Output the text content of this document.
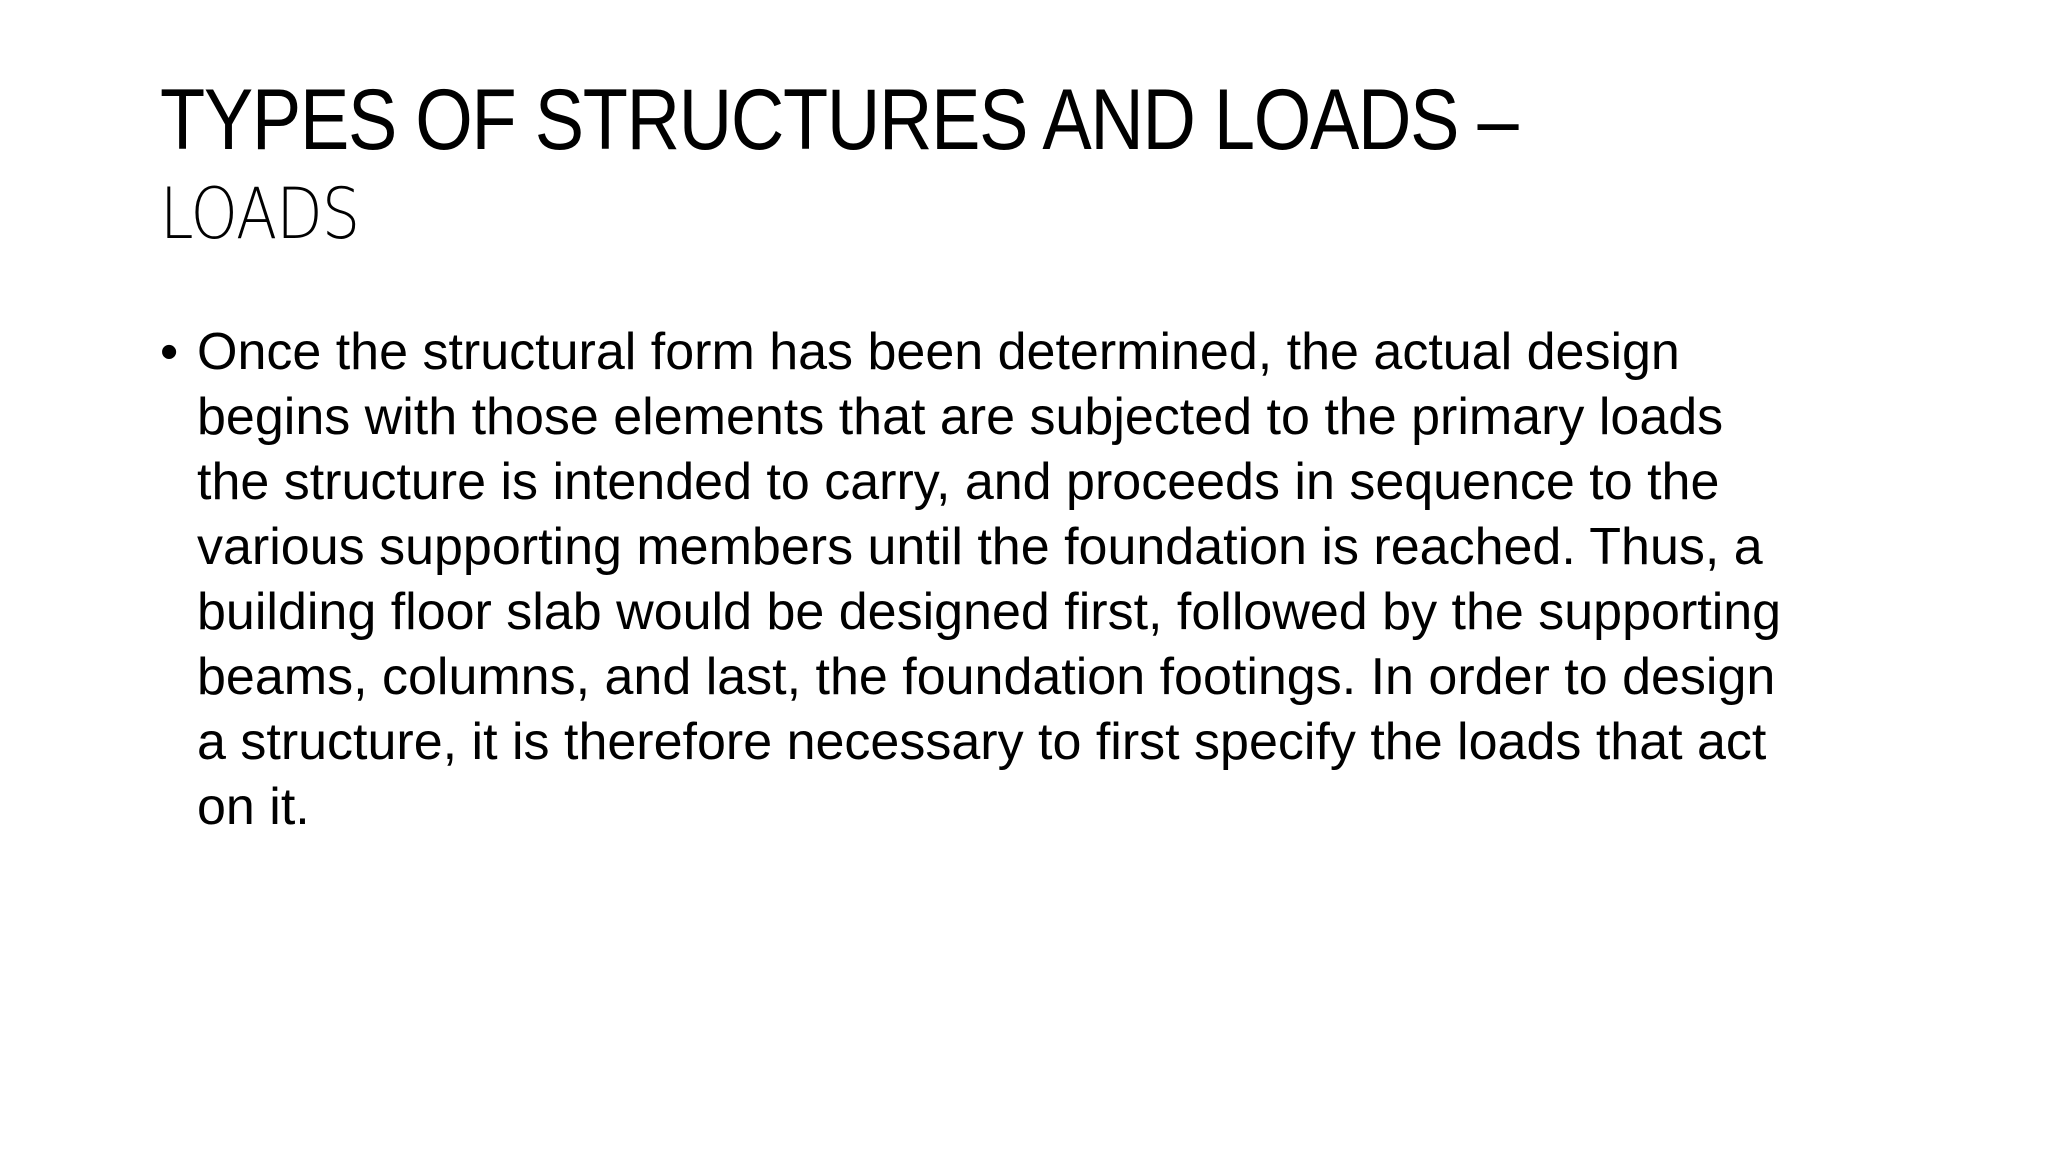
TYPES OF STRUCTURES AND LOADS –
LOADS
• Once the structural form has been determined, the actual design
begins with those elements that are subjected to the primary loads
the structure is intended to carry, and proceeds in sequence to the
various supporting members until the foundation is reached. Thus, a
building floor slab would be designed first, followed by the supporting
beams, columns, and last, the foundation footings. In order to design
a structure, it is therefore necessary to first specify the loads that act
on it.
